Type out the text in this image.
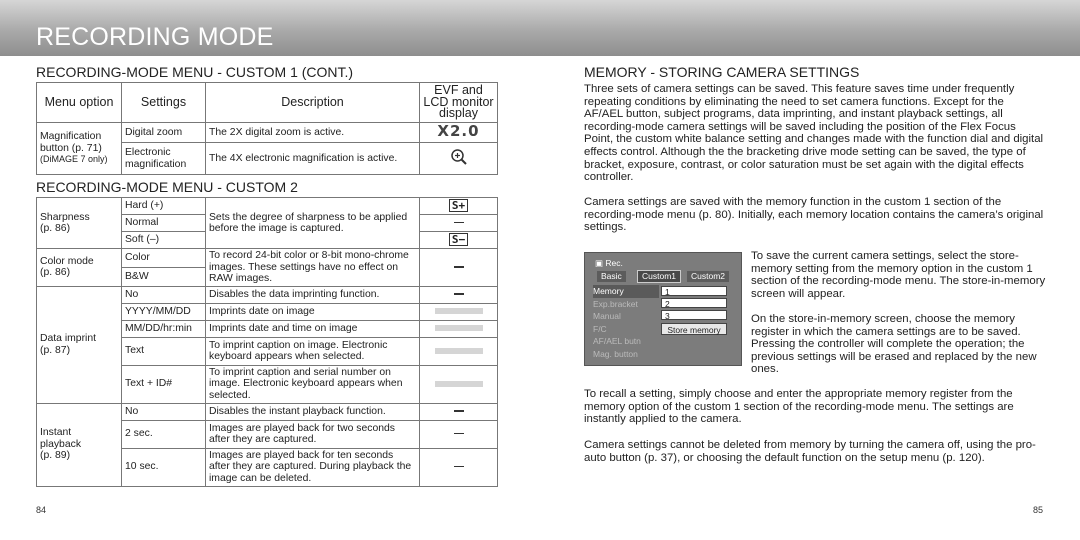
RECORDING MODE
RECORDING-MODE MENU - CUSTOM 1 (CONT.)
Menu option	Settings	Description	EVF and LCD monitor display
Magnification
button (p. 71)
(DiMAGE 7 only)	Digital zoom	The 2X digital zoom is active.	X2.0
	Electronic magnification	The 4X electronic magnification is active.	
RECORDING-MODE MENU - CUSTOM 2
Sharpness
(p. 86)	Hard (+)	Sets the degree of sharpness to be applied before the image is captured.	S+
	Normal		
	Soft (–)		S−
Color mode
(p. 86)	Color	To record 24-bit color or 8-bit mono-chrome images. These settings have no effect on RAW images.	
	B&W		
Data imprint
(p. 87)	No	Disables the data imprinting function.	
	YYYY/MM/DD	Imprints date on image	
	MM/DD/hr:min	Imprints date and time on image	
	Text	To imprint caption on image. Electronic keyboard appears when selected.	
	Text + ID#	To imprint caption and serial number on image. Electronic keyboard appears when selected.	
Instant
playback
(p. 89)	No	Disables the instant playback function.	
	2 sec.	Images are played back for two seconds after they are captured.	
	10 sec.	Images are played back for ten seconds after they are captured. During playback the image can be deleted.	
84
MEMORY - STORING CAMERA SETTINGS

Three sets of camera settings can be saved. This feature saves time under frequently repeating conditions by eliminating the need to set camera functions. Except for the AF/AEL button, subject programs, data imprinting, and instant playback settings, all recording-mode camera settings will be saved including the position of the Flex Focus Point, the custom white balance setting and changes made with the function dial and digital effects control. Although the the bracketing drive mode setting can be saved, the type of bracket, exposure, contrast, or color saturation must be set again with the digital effects controller.

Camera settings are saved with the memory function in the custom 1 section of the recording-mode menu (p. 80). Initially, each memory location contains the camera’s original settings.

▣ Rec.
Basic	Custom1	Custom2
Memory
Exp.bracket
Manual
F/C
AF/AEL butn
Mag. button
1
2
3
Store memory

To save the current camera settings, select the store-memory setting from the memory option in the custom 1 section of the recording-mode menu. The store-in-memory screen will appear.

On the store-in-memory screen, choose the memory register in which the camera settings are to be saved. Pressing the controller will complete the operation; the previous settings will be erased and replaced by the new ones.

To recall a setting, simply choose and enter the appropriate memory register from the memory option of the custom 1 section of the recording-mode menu. The settings are instantly applied to the camera.

Camera settings cannot be deleted from memory by turning the camera off, using the pro-auto button (p. 37), or choosing the default function on the setup menu (p. 120).

85
